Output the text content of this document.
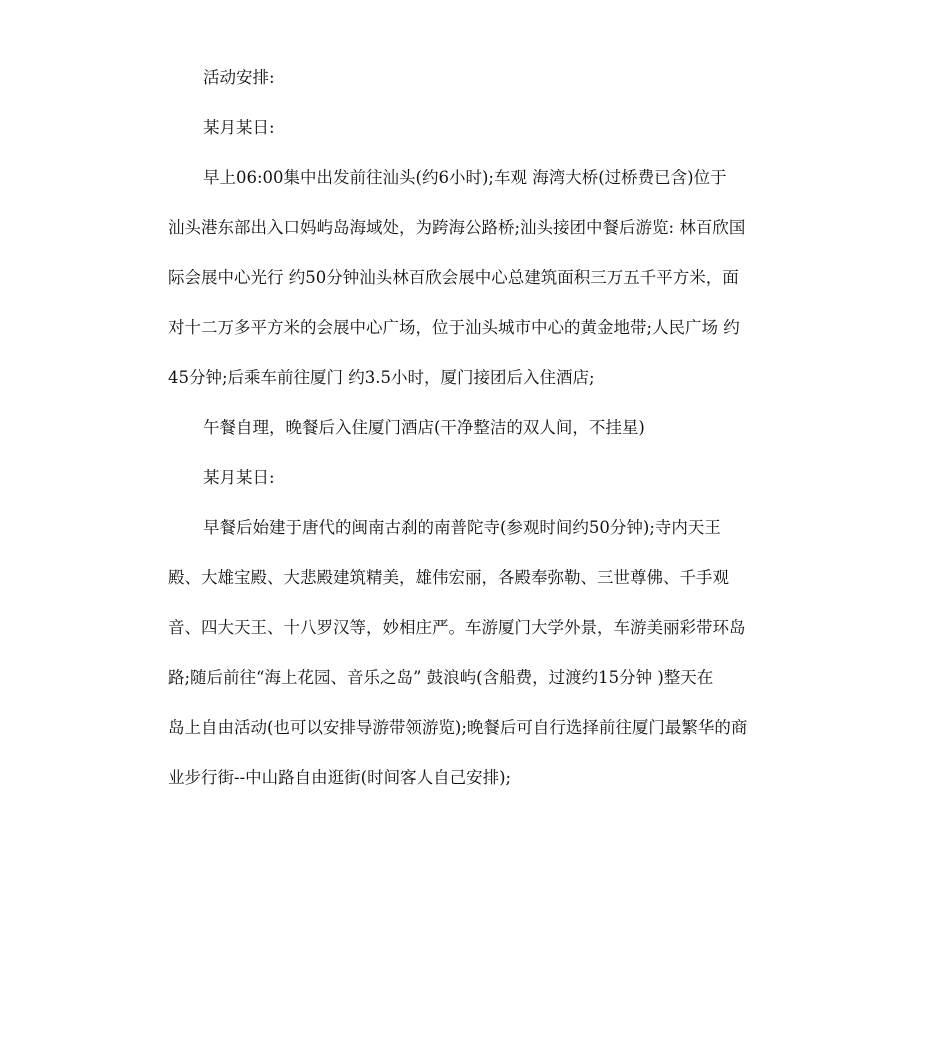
活动安排:
某月某日:
早上06:00集中出发前往汕头(约6小时);车观 海湾大桥(过桥费已含)位于
汕头港东部出入口妈屿岛海域处，为跨海公路桥;汕头接团中餐后游览: 林百欣国
际会展中心光行 约50分钟汕头林百欣会展中心总建筑面积三万五千平方米，面
对十二万多平方米的会展中心广场，位于汕头城市中心的黄金地带;人民广场 约
45分钟;后乘车前往厦门 约3.5小时，厦门接团后入住酒店;
午餐自理，晚餐后入住厦门酒店(干净整洁的双人间，不挂星)
某月某日:
早餐后始建于唐代的闽南古刹的南普陀寺(参观时间约50分钟);寺内天王
殿、大雄宝殿、大悲殿建筑精美，雄伟宏丽，各殿奉弥勒、三世尊佛、千手观
音、四大天王、十八罗汉等，妙相庄严。车游厦门大学外景，车游美丽彩带环岛
路;随后前往“海上花园、音乐之岛” 鼓浪屿(含船费，过渡约15分钟 )整天在
岛上自由活动(也可以安排导游带领游览);晚餐后可自行选择前往厦门最繁华的商
业步行街--中山路自由逛街(时间客人自己安排);
